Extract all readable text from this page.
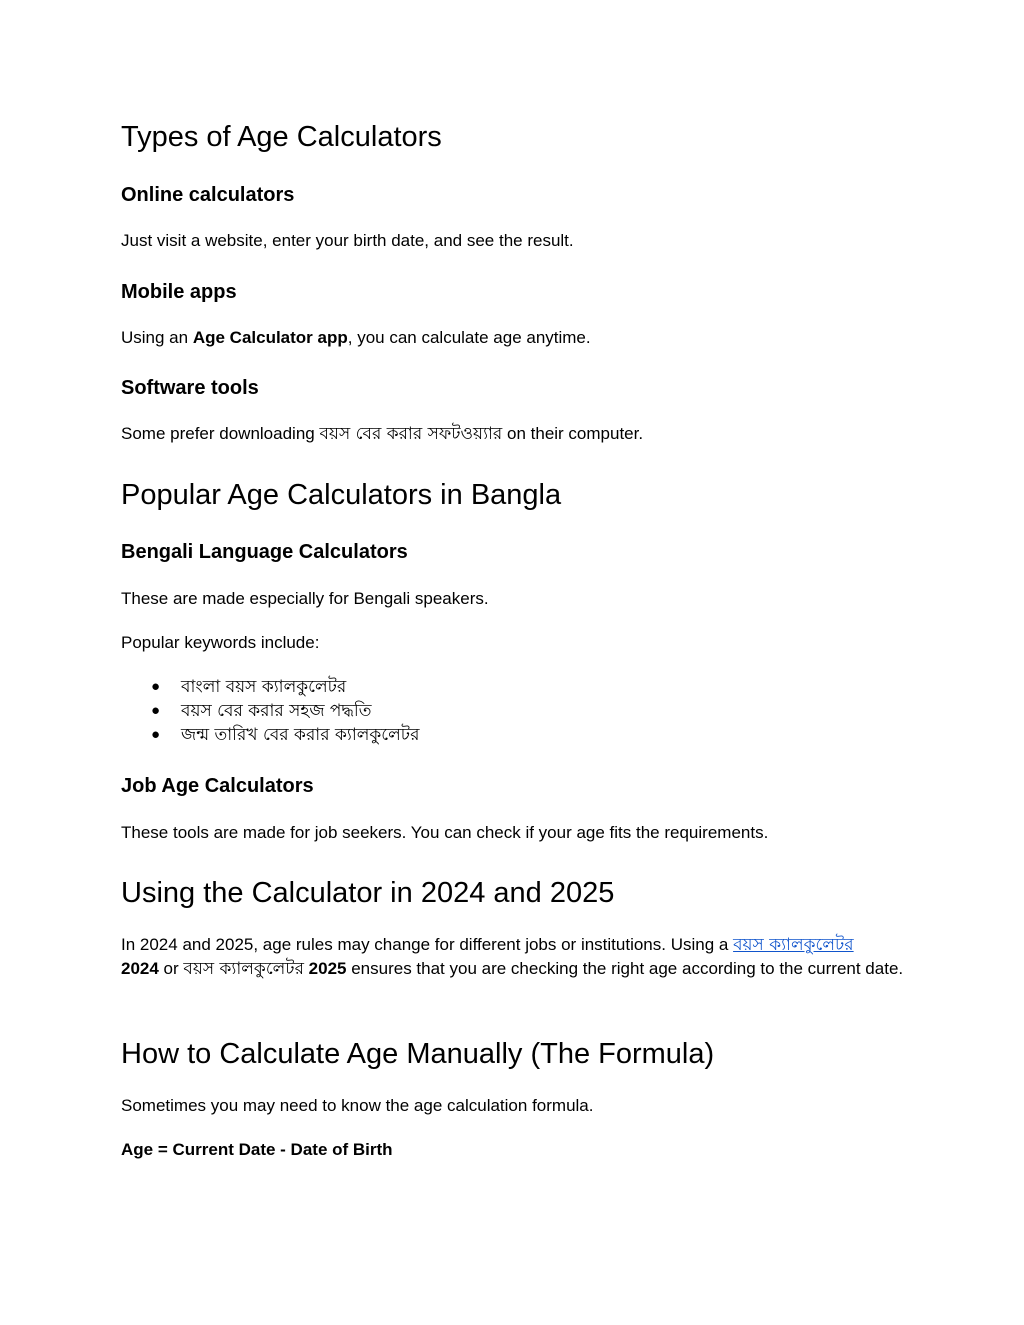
Types of Age Calculators
Online calculators
Just visit a website, enter your birth date, and see the result.
Mobile apps
Using an Age Calculator app, you can calculate age anytime.
Software tools
Some prefer downloading বয়স বের করার সফটওয়্যার on their computer.
Popular Age Calculators in Bangla
Bengali Language Calculators
These are made especially for Bengali speakers.
Popular keywords include:
● বাংলা বয়স ক্যালকুলেটর
● বয়স বের করার সহজ পদ্ধতি
● জন্ম তারিখ বের করার ক্যালকুলেটর
Job Age Calculators
These tools are made for job seekers. You can check if your age fits the requirements.
Using the Calculator in 2024 and 2025
In 2024 and 2025, age rules may change for different jobs or institutions. Using a বয়স ক্যালকুলেটর
2024 or বয়স ক্যালকুলেটর 2025 ensures that you are checking the right age according to the current date.
How to Calculate Age Manually (The Formula)
Sometimes you may need to know the age calculation formula.
Age = Current Date - Date of Birth
